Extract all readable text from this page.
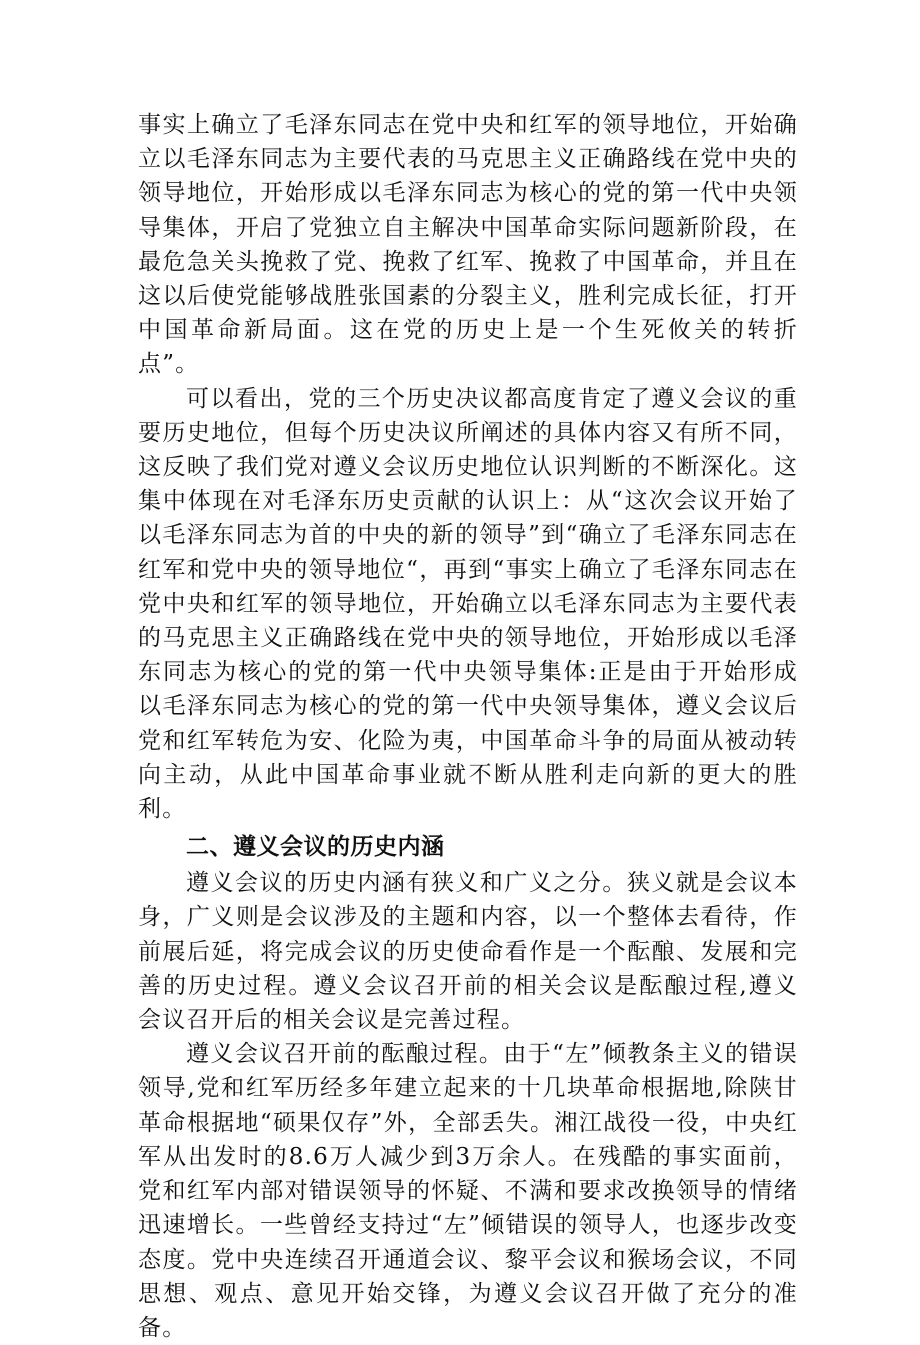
事实上确立了毛泽东同志在党中央和红军的领导地位，开始确立以毛泽东同志为主要代表的马克思主义正确路线在党中央的领导地位，开始形成以毛泽东同志为核心的党的第一代中央领导集体，开启了党独立自主解决中国革命实际问题新阶段，在最危急关头挽救了党、挽救了红军、挽救了中国革命，并且在这以后使党能够战胜张国素的分裂主义，胜利完成长征，打开中国革命新局面。这在党的历史上是一个生死攸关的转折点”。

可以看出，党的三个历史决议都高度肯定了遵义会议的重要历史地位，但每个历史决议所阐述的具体内容又有所不同，这反映了我们党对遵义会议历史地位认识判断的不断深化。这集中体现在对毛泽东历史贡献的认识上：从“这次会议开始了以毛泽东同志为首的中央的新的领导”到“确立了毛泽东同志在红军和党中央的领导地位“，再到“事实上确立了毛泽东同志在党中央和红军的领导地位，开始确立以毛泽东同志为主要代表的马克思主义正确路线在党中央的领导地位，开始形成以毛泽东同志为核心的党的第一代中央领导集体:正是由于开始形成以毛泽东同志为核心的党的第一代中央领导集体，遵义会议后党和红军转危为安、化险为夷，中国革命斗争的局面从被动转向主动，从此中国革命事业就不断从胜利走向新的更大的胜利。

二、遵义会议的历史内涵

遵义会议的历史内涵有狭义和广义之分。狭义就是会议本身，广义则是会议涉及的主题和内容，以一个整体去看待，作前展后延，将完成会议的历史使命看作是一个酝酿、发展和完善的历史过程。遵义会议召开前的相关会议是酝酿过程,遵义会议召开后的相关会议是完善过程。

遵义会议召开前的酝酿过程。由于“左”倾教条主义的错误领导,党和红军历经多年建立起来的十几块革命根据地,除陕甘革命根据地“硕果仅存”外，全部丢失。湘江战役一役，中央红军从出发时的8.6万人减少到3万余人。在残酷的事实面前，党和红军内部对错误领导的怀疑、不满和要求改换领导的情绪迅速增长。一些曾经支持过“左”倾错误的领导人，也逐步改变态度。党中央连续召开通道会议、黎平会议和猴场会议，不同思想、观点、意见开始交锋，为遵义会议召开做了充分的准备。
